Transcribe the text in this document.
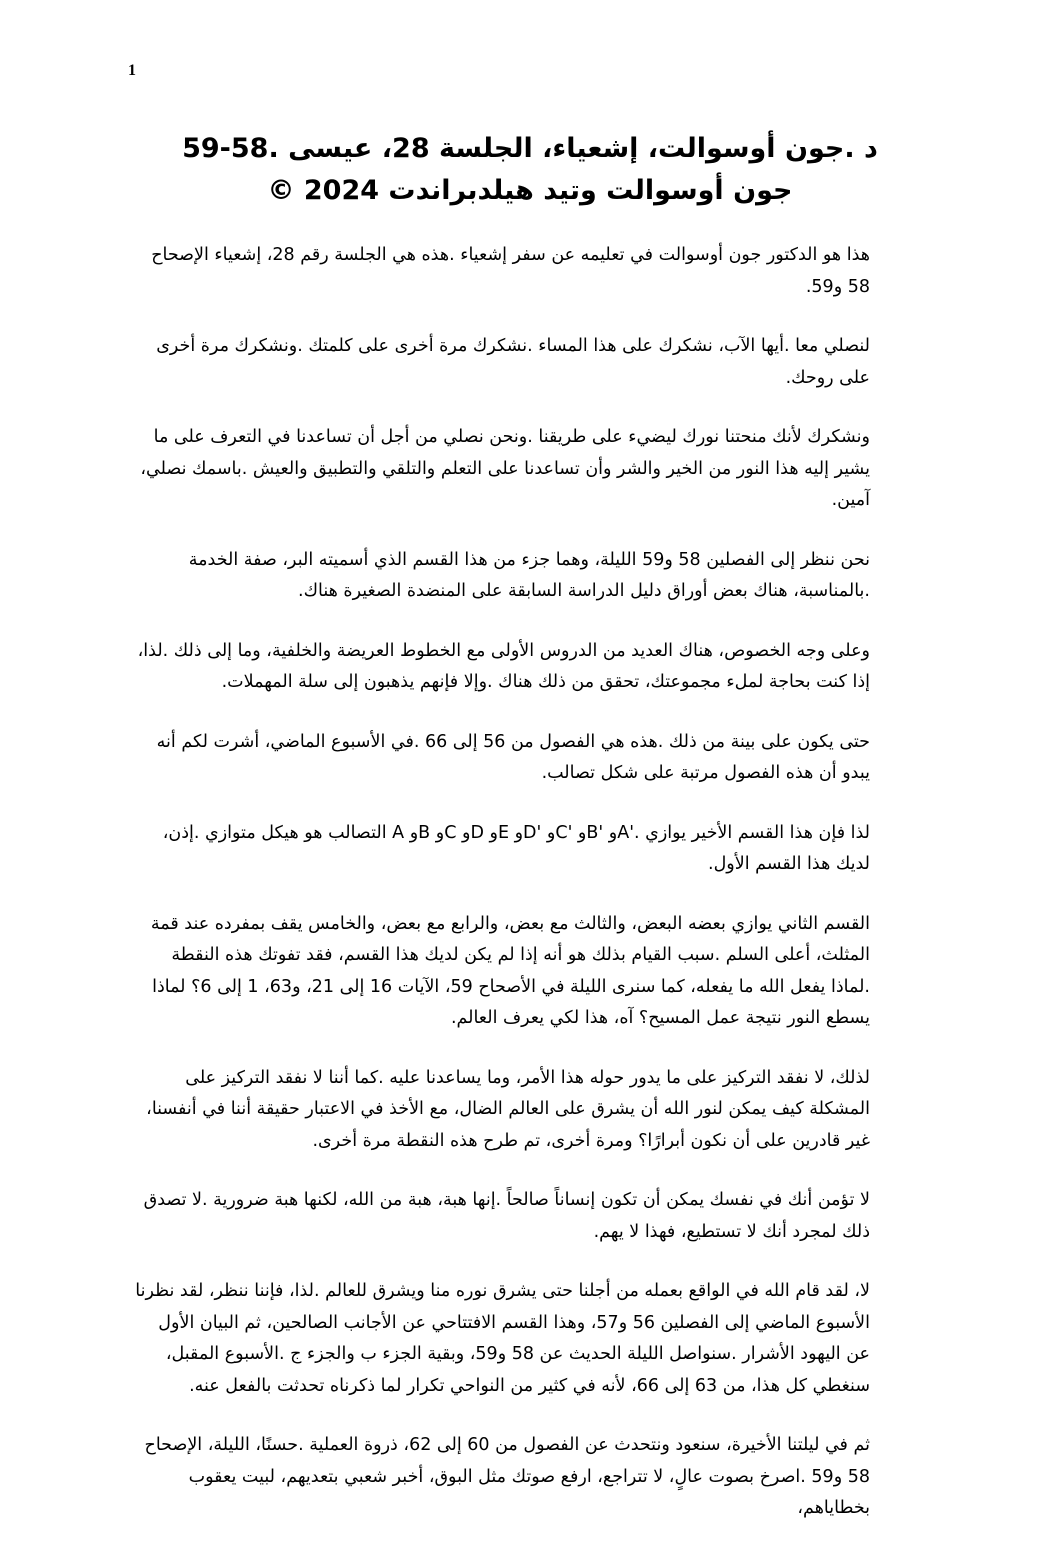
1
د .جون أوسوالت، إشعياء، الجلسة 28، عيسى .58-59
جون أوسوالت وتيد هيلدبراندت 2024 ©

هذا هو الدكتور جون أوسوالت في تعليمه عن سفر إشعياء .هذه هي الجلسة رقم 28، إشعياء الإصحاح 58 و59.

لنصلي معا .أيها الآب، نشكرك على هذا المساء .نشكرك مرة أخرى على كلمتك .ونشكرك مرة أخرى على روحك.

ونشكرك لأنك منحتنا نورك ليضيء على طريقنا .ونحن نصلي من أجل أن تساعدنا في التعرف على ما يشير إليه هذا النور من الخير والشر وأن تساعدنا على التعلم والتلقي والتطبيق والعيش .باسمك نصلي، آمين.

نحن ننظر إلى الفصلين 58 و59 الليلة، وهما جزء من هذا القسم الذي أسميته البر، صفة الخدمة .بالمناسبة، هناك بعض أوراق دليل الدراسة السابقة على المنضدة الصغيرة هناك.

وعلى وجه الخصوص، هناك العديد من الدروس الأولى مع الخطوط العريضة والخلفية، وما إلى ذلك .لذا، إذا كنت بحاجة لملء مجموعتك، تحقق من ذلك هناك .وإلا فإنهم يذهبون إلى سلة المهملات.

حتى يكون على بينة من ذلك .هذه هي الفصول من 56 إلى 66 .في الأسبوع الماضي، أشرت لكم أنه يبدو أن هذه الفصول مرتبة على شكل تصالب.

لذا فإن هذا القسم الأخير يوازي .'Aو 'Bو 'Cو 'Dو Eو Dو Cو Bو A التصالب هو هيكل متوازي .إذن، لديك هذا القسم الأول.

القسم الثاني يوازي بعضه البعض، والثالث مع بعض، والرابع مع بعض، والخامس يقف بمفرده عند قمة المثلث، أعلى السلم .سبب القيام بذلك هو أنه إذا لم يكن لديك هذا القسم، فقد تفوتك هذه النقطة .لماذا يفعل الله ما يفعله، كما سنرى الليلة في الأصحاح 59، الآيات 16 إلى 21، و63، 1 إلى 6؟ لماذا يسطع النور نتيجة عمل المسيح؟ آه، هذا لكي يعرف العالم.

لذلك، لا نفقد التركيز على ما يدور حوله هذا الأمر، وما يساعدنا عليه .كما أننا لا نفقد التركيز على المشكلة كيف يمكن لنور الله أن يشرق على العالم الضال، مع الأخذ في الاعتبار حقيقة أننا في أنفسنا، غير قادرين على أن نكون أبرارًا؟ ومرة أخرى، تم طرح هذه النقطة مرة أخرى.

لا تؤمن أنك في نفسك يمكن أن تكون إنساناً صالحاً .إنها هبة، هبة من الله، لكنها هبة ضرورية .لا تصدق ذلك لمجرد أنك لا تستطيع، فهذا لا يهم.

لا، لقد قام الله في الواقع بعمله من أجلنا حتى يشرق نوره منا ويشرق للعالم .لذا، فإننا ننظر، لقد نظرنا الأسبوع الماضي إلى الفصلين 56 و57، وهذا القسم الافتتاحي عن الأجانب الصالحين، ثم البيان الأول عن اليهود الأشرار .سنواصل الليلة الحديث عن 58 و59، وبقية الجزء ب والجزء ج .الأسبوع المقبل، سنغطي كل هذا، من 63 إلى 66، لأنه في كثير من النواحي تكرار لما ذكرناه تحدثت بالفعل عنه.

ثم في ليلتنا الأخيرة، سنعود ونتحدث عن الفصول من 60 إلى 62، ذروة العملية .حسنًا، الليلة، الإصحاح 58 و59 .اصرخ بصوت عالٍ، لا تتراجع، ارفع صوتك مثل البوق، أخبر شعبي بتعديهم، لبيت يعقوب بخطاياهم،
